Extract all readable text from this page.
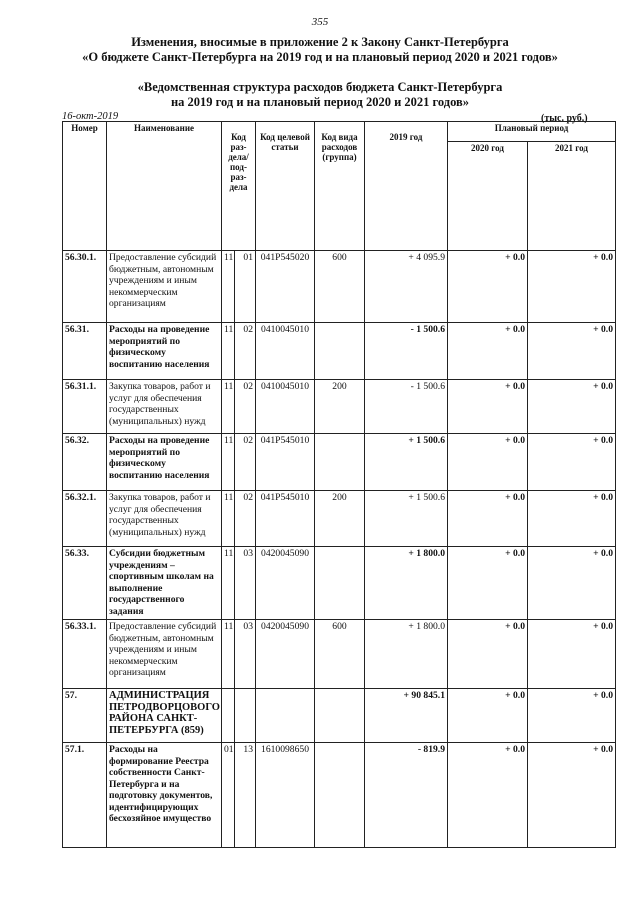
355
Изменения, вносимые в приложение 2 к Закону Санкт-Петербурга
«О бюджете Санкт-Петербурга на 2019 год и на плановый период 2020 и 2021 годов»
«Ведомственная структура расходов бюджета Санкт-Петербурга
на 2019 год и на плановый период 2020 и 2021 годов»
16-окт-2019	(тыс. руб.)
Номер	Наименование	Код раз-дела/ под-раз-дела		Код целевой статьи	Код вида расходов (группа)	2019 год	Плановый период	
							2020 год	2021 год
56.30.1.	Предоставление субсидий бюджетным, автономным учреждениям и иным некоммерческим организациям	11	01	041P545020	600	+ 4 095.9	+ 0.0	+ 0.0
56.31.	Расходы на проведение мероприятий по физическому воспитанию населения	11	02	0410045010		- 1 500.6	+ 0.0	+ 0.0
56.31.1.	Закупка товаров, работ и услуг для обеспечения государственных (муниципальных) нужд	11	02	0410045010	200	- 1 500.6	+ 0.0	+ 0.0
56.32.	Расходы на проведение мероприятий по физическому воспитанию населения	11	02	041P545010		+ 1 500.6	+ 0.0	+ 0.0
56.32.1.	Закупка товаров, работ и услуг для обеспечения государственных (муниципальных) нужд	11	02	041P545010	200	+ 1 500.6	+ 0.0	+ 0.0
56.33.	Субсидии бюджетным учреждениям – спортивным школам на выполнение государственного задания	11	03	0420045090		+ 1 800.0	+ 0.0	+ 0.0
56.33.1.	Предоставление субсидий бюджетным, автономным учреждениям и иным некоммерческим организациям	11	03	0420045090	600	+ 1 800.0	+ 0.0	+ 0.0
57.	АДМИНИСТРАЦИЯ ПЕТРОДВОРЦОВОГО РАЙОНА САНКТ-ПЕТЕРБУРГА (859)					+ 90 845.1	+ 0.0	+ 0.0
57.1.	Расходы на формирование Реестра собственности Санкт-Петербурга и на подготовку документов, идентифицирующих бесхозяйное имущество	01	13	1610098650		- 819.9	+ 0.0	+ 0.0
